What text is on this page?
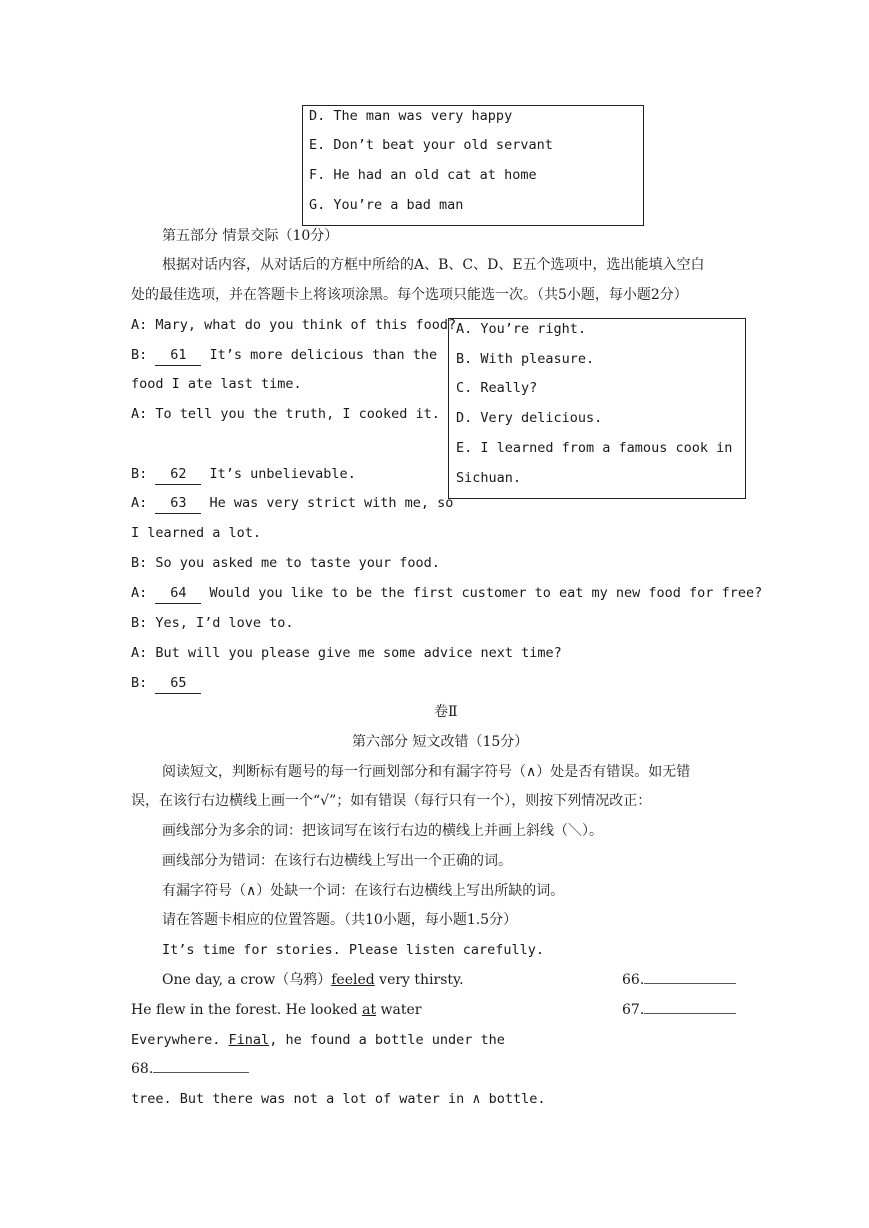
D. The man was very happy
E. Don’t beat your old servant
F. He had an old cat at home
G. You’re a bad man
第五部分 情景交际（10分）
根据对话内容，从对话后的方框中所给的A、B、C、D、E五个选项中，选出能填入空白
处的最佳选项，并在答题卡上将该项涂黑。每个选项只能选一次。（共5小题，每小题2分）
A: Mary, what do you think of this food?
B: 61 It’s more delicious than the
food I ate last time.
A: To tell you the truth, I cooked it.
B: 62 It’s unbelievable.
A: 63 He was very strict with me, so
I learned a lot.
B: So you asked me to taste your food.
A: 64 Would you like to be the first customer to eat my new food for free?
B: Yes, I’d love to.
A: But will you please give me some advice next time?
B: 65
A. You’re right.
B. With pleasure.
C. Really?
D. Very delicious.
E. I learned from a famous cook in
Sichuan.
卷Ⅱ
第六部分 短文改错（15分）
阅读短文，判断标有题号的每一行画划部分和有漏字符号（∧）处是否有错误。如无错
误，在该行右边横线上画一个“√”；如有错误（每行只有一个），则按下列情况改正：
画线部分为多余的词：把该词写在该行右边的横线上并画上斜线（＼）。
画线部分为错词：在该行右边横线上写出一个正确的词。
有漏字符号（∧）处缺一个词：在该行右边横线上写出所缺的词。
请在答题卡相应的位置答题。（共10小题，每小题1.5分）
It’s time for stories. Please listen carefully.
One day, a crow（乌鸦）feeled very thirsty.	66.
He flew in the forest. He looked at water	67.
Everywhere. Final, he found a bottle under the
68.
tree. But there was not a lot of water in ∧ bottle.
